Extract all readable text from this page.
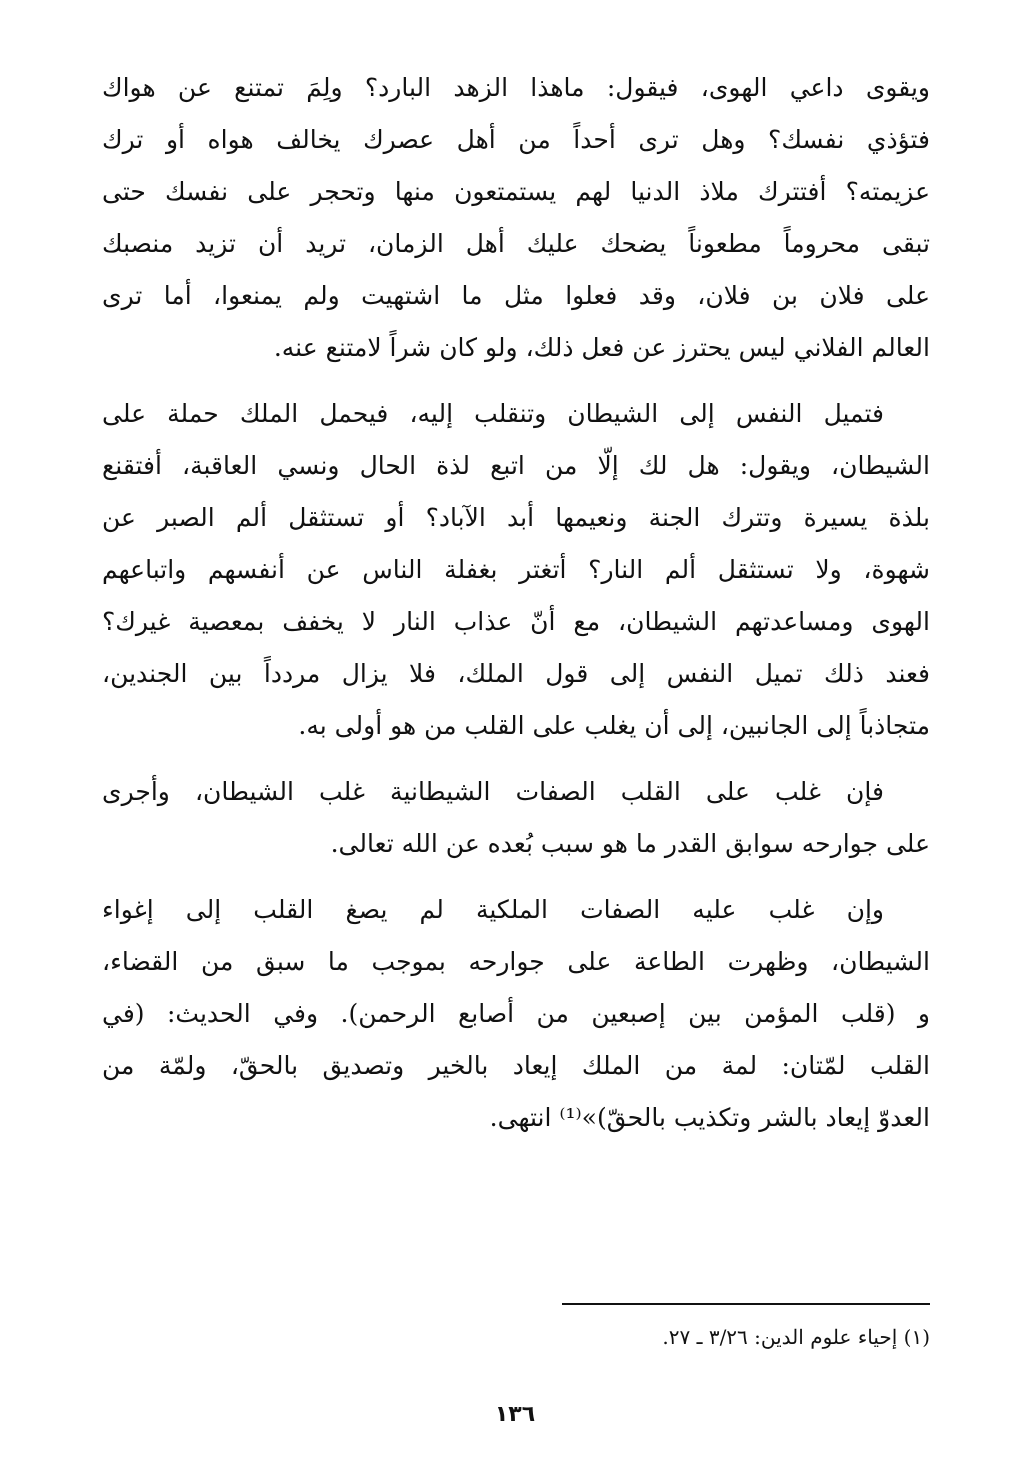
ويقوى داعي الهوى، فيقول: ماهذا الزهد البارد؟ ولِمَ تمتنع عن هواك
فتؤذي نفسك؟ وهل ترى أحداً من أهل عصرك يخالف هواه أو ترك
عزيمته؟ أفتترك ملاذ الدنيا لهم يستمتعون منها وتحجر على نفسك حتى
تبقى محروماً مطعوناً يضحك عليك أهل الزمان، تريد أن تزيد منصبك
على فلان بن فلان، وقد فعلوا مثل ما اشتهيت ولم يمنعوا، أما ترى
العالم الفلاني ليس يحترز عن فعل ذلك، ولو كان شراً لامتنع عنه.

فتميل النفس إلى الشيطان وتنقلب إليه، فيحمل الملك حملة على
الشيطان، ويقول: هل لك إلّا من اتبع لذة الحال ونسي العاقبة، أفتقنع
بلذة يسيرة وتترك الجنة ونعيمها أبد الآباد؟ أو تستثقل ألم الصبر عن
شهوة، ولا تستثقل ألم النار؟ أتغتر بغفلة الناس عن أنفسهم واتباعهم
الهوى ومساعدتهم الشيطان، مع أنّ عذاب النار لا يخفف بمعصية غيرك؟
فعند ذلك تميل النفس إلى قول الملك، فلا يزال مردداً بين الجندين،
متجاذباً إلى الجانبين، إلى أن يغلب على القلب من هو أولى به.

فإن غلب على القلب الصفات الشيطانية غلب الشيطان، وأجرى
على جوارحه سوابق القدر ما هو سبب بُعده عن الله تعالى.

وإن غلب عليه الصفات الملكية لم يصغ القلب إلى إغواء
الشيطان، وظهرت الطاعة على جوارحه بموجب ما سبق من القضاء،
و (قلب المؤمن بين إصبعين من أصابع الرحمن). وفي الحديث: (في
القلب لمّتان: لمة من الملك إيعاد بالخير وتصديق بالحقّ، ولمّة من
العدوّ إيعاد بالشر وتكذيب بالحقّ)»⁽¹⁾ انتهى.

(١) إحياء علوم الدين: ٣/٢٦ ـ ٢٧.
١٣٦
